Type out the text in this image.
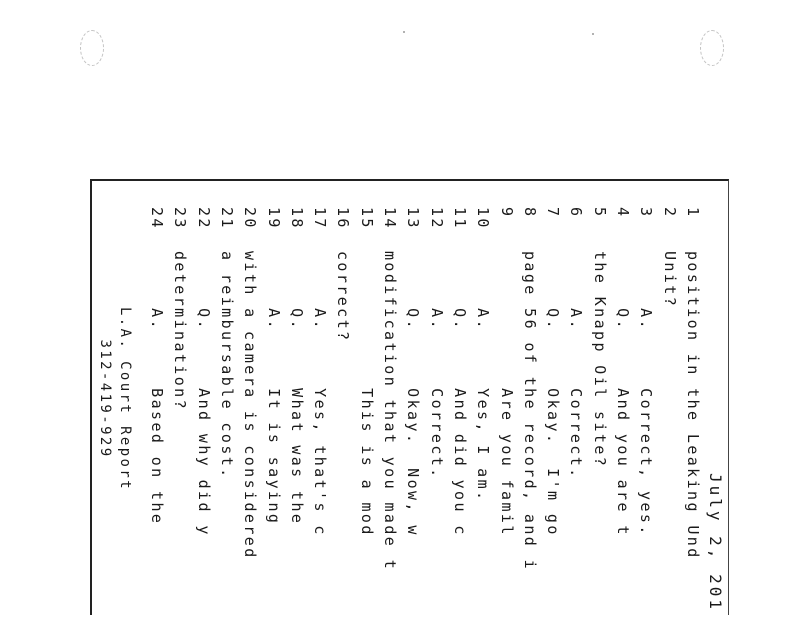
July 2, 201
1position in the Leaking Und
2Unit?
3     A.     Correct, yes.
4     Q.     And you are t
5the Knapp Oil site?
6     A.     Correct.
7     Q.     Okay.  I'm go
8page 56 of the record, and i
9            Are you famil
10     A.     Yes, I am.
11     Q.     And did you c
12     A.     Correct.
13     Q.     Okay.  Now, w
14modification that you made t
15            This is a mod
16correct?
17     A.     Yes, that's c
18     Q.     What was the
19     A.     It is saying
20with a camera is considered
21a reimbursable cost.
22     Q.     And why did y
23determination?
24     A.     Based on the
L.A. Court Report
312-419-929
